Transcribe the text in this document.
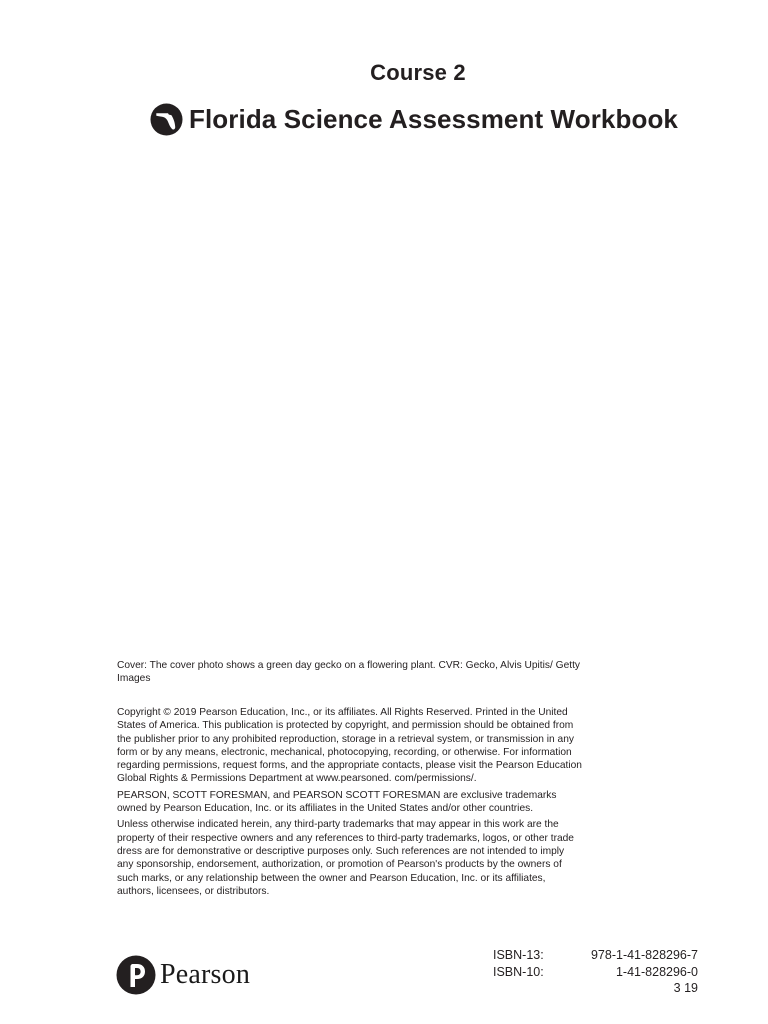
Course 2
Florida Science Assessment Workbook

Cover: The cover photo shows a green day gecko on a flowering plant. CVR: Gecko, Alvis Upitis/ Getty Images

Copyright © 2019 Pearson Education, Inc., or its affiliates. All Rights Reserved. Printed in the United States of America. This publication is protected by copyright, and permission should be obtained from the publisher prior to any prohibited reproduction, storage in a retrieval system, or transmission in any form or by any means, electronic, mechanical, photocopying, recording, or otherwise. For information regarding permissions, request forms, and the appropriate contacts, please visit the Pearson Education Global Rights & Permissions Department at www.pearsoned. com/permissions/.

PEARSON, SCOTT FORESMAN, and PEARSON SCOTT FORESMAN are exclusive trademarks owned by Pearson Education, Inc. or its affiliates in the United States and/or other countries.

Unless otherwise indicated herein, any third-party trademarks that may appear in this work are the property of their respective owners and any references to third-party trademarks, logos, or other trade dress are for demonstrative or descriptive purposes only. Such references are not intended to imply any sponsorship, endorsement, authorization, or promotion of Pearson's products by the owners of such marks, or any relationship between the owner and Pearson Education, Inc. or its affiliates, authors, licensees, or distributors.

Pearson
ISBN-13:	978-1-41-828296-7
ISBN-10:	1-41-828296-0
3 19
